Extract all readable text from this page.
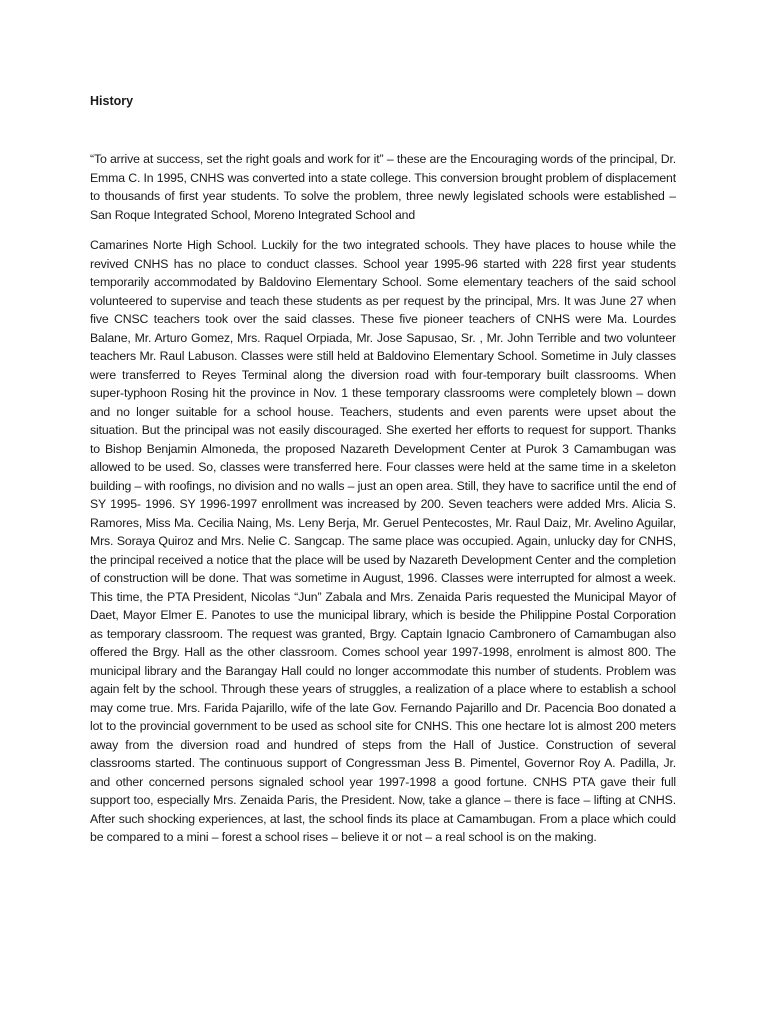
History

“To arrive at success, set the right goals and work for it” – these are the Encouraging words of the principal, Dr. Emma C. In 1995, CNHS was converted into a state college. This conversion brought problem of displacement to thousands of first year students. To solve the problem, three newly legislated schools were established – San Roque Integrated School, Moreno Integrated School and

Camarines Norte High School. Luckily for the two integrated schools. They have places to house while the revived CNHS has no place to conduct classes. School year 1995-96 started with 228 first year students temporarily accommodated by Baldovino Elementary School. Some elementary teachers of the said school volunteered to supervise and teach these students as per request by the principal, Mrs. It was June 27 when five CNSC teachers took over the said classes. These five pioneer teachers of CNHS were Ma. Lourdes Balane, Mr. Arturo Gomez, Mrs. Raquel Orpiada, Mr. Jose Sapusao, Sr. , Mr. John Terrible and two volunteer teachers Mr. Raul Labuson. Classes were still held at Baldovino Elementary School. Sometime in July classes were transferred to Reyes Terminal along the diversion road with four-temporary built classrooms. When super-typhoon Rosing hit the province in Nov. 1 these temporary classrooms were completely blown – down and no longer suitable for a school house. Teachers, students and even parents were upset about the situation. But the principal was not easily discouraged. She exerted her efforts to request for support. Thanks to Bishop Benjamin Almoneda, the proposed Nazareth Development Center at Purok 3 Camambugan was allowed to be used. So, classes were transferred here. Four classes were held at the same time in a skeleton building – with roofings, no division and no walls – just an open area. Still, they have to sacrifice until the end of SY 1995- 1996. SY 1996-1997 enrollment was increased by 200. Seven teachers were added Mrs. Alicia S. Ramores, Miss Ma. Cecilia Naing, Ms. Leny Berja, Mr. Geruel Pentecostes, Mr. Raul Daiz, Mr. Avelino Aguilar, Mrs. Soraya Quiroz and Mrs. Nelie C. Sangcap. The same place was occupied. Again, unlucky day for CNHS, the principal received a notice that the place will be used by Nazareth Development Center and the completion of construction will be done. That was sometime in August, 1996. Classes were interrupted for almost a week. This time, the PTA President, Nicolas “Jun” Zabala and Mrs. Zenaida Paris requested the Municipal Mayor of Daet, Mayor Elmer E. Panotes to use the municipal library, which is beside the Philippine Postal Corporation as temporary classroom. The request was granted, Brgy. Captain Ignacio Cambronero of Camambugan also offered the Brgy. Hall as the other classroom. Comes school year 1997-1998, enrolment is almost 800. The municipal library and the Barangay Hall could no longer accommodate this number of students. Problem was again felt by the school. Through these years of struggles, a realization of a place where to establish a school may come true. Mrs. Farida Pajarillo, wife of the late Gov. Fernando Pajarillo and Dr. Pacencia Boo donated a lot to the provincial government to be used as school site for CNHS. This one hectare lot is almost 200 meters away from the diversion road and hundred of steps from the Hall of Justice. Construction of several classrooms started. The continuous support of Congressman Jess B. Pimentel, Governor Roy A. Padilla, Jr. and other concerned persons signaled school year 1997-1998 a good fortune. CNHS PTA gave their full support too, especially Mrs. Zenaida Paris, the President. Now, take a glance – there is face – lifting at CNHS. After such shocking experiences, at last, the school finds its place at Camambugan. From a place which could be compared to a mini – forest a school rises – believe it or not – a real school is on the making.
